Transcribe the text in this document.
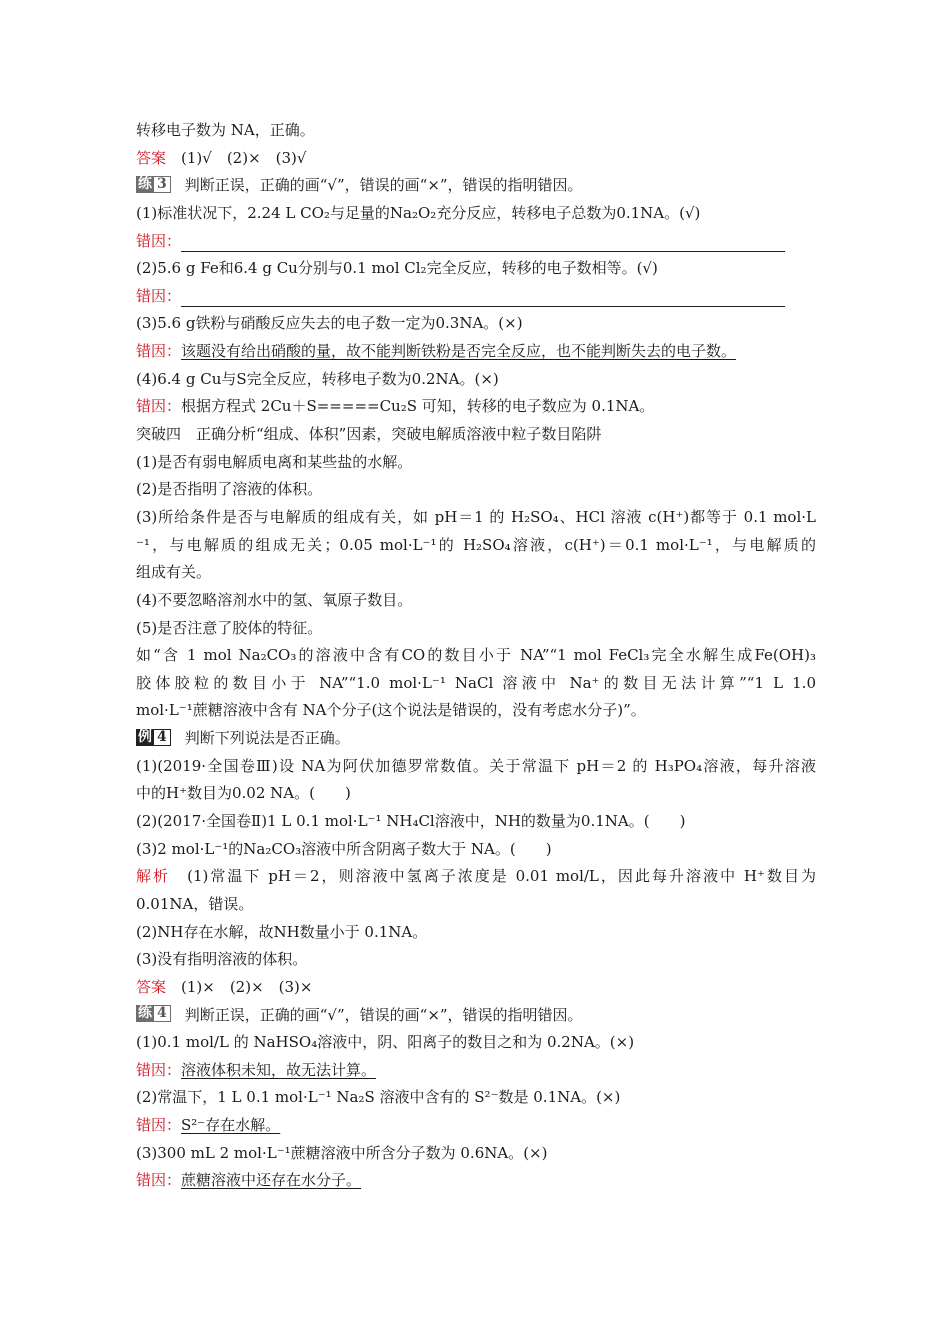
转移电子数为 NA，正确。
答案　(1)√　(2)×　(3)√
练 3 判断正误，正确的画“√”，错误的画“×”，错误的指明错因。
(1)标准状况下，2.24 L CO₂与足量的Na₂O₂充分反应，转移电子总数为0.1NA。(√)
错因：
(2)5.6 g Fe和6.4 g Cu分别与0.1 mol Cl₂完全反应，转移的电子数相等。(√)
错因：
(3)5.6 g铁粉与硝酸反应失去的电子数一定为0.3NA。(×)
错因：该题没有给出硝酸的量，故不能判断铁粉是否完全反应，也不能判断失去的电子数。
(4)6.4 g Cu与S完全反应，转移电子数为0.2NA。(×)
错因：根据方程式 2Cu＋S=====Cu₂S 可知，转移的电子数应为 0.1NA。
突破四　正确分析“组成、体积”因素，突破电解质溶液中粒子数目陷阱
(1)是否有弱电解质电离和某些盐的水解。
(2)是否指明了溶液的体积。
(3)所给条件是否与电解质的组成有关，如 pH＝1 的 H₂SO₄、HCl 溶液 c(H⁺)都等于 0.1 mol·L
⁻¹，与电解质的组成无关；0.05 mol·L⁻¹的 H₂SO₄溶液，c(H⁺)＝0.1 mol·L⁻¹，与电解质的
组成有关。
(4)不要忽略溶剂水中的氢、氧原子数目。
(5)是否注意了胶体的特征。
如“含 1 mol Na₂CO₃的溶液中含有CO的数目小于 NA”“1 mol FeCl₃完全水解生成Fe(OH)₃
胶体胶粒的数目小于 NA”“1.0 mol·L⁻¹ NaCl 溶液中 Na⁺的数目无法计算”“1 L 1.0
mol·L⁻¹蔗糖溶液中含有 NA个分子(这个说法是错误的，没有考虑水分子)”。
例 4 判断下列说法是否正确。
(1)(2019·全国卷Ⅲ)设 NA为阿伏加德罗常数值。关于常温下 pH＝2 的 H₃PO₄溶液，每升溶液
中的H⁺数目为0.02 NA。(　　)
(2)(2017·全国卷Ⅱ)1 L 0.1 mol·L⁻¹ NH₄Cl溶液中，NH的数量为0.1NA。(　　)
(3)2 mol·L⁻¹的Na₂CO₃溶液中所含阴离子数大于 NA。(　　)
解析　(1)常温下 pH＝2，则溶液中氢离子浓度是 0.01 mol/L，因此每升溶液中 H⁺数目为
0.01NA，错误。
(2)NH存在水解，故NH数量小于 0.1NA。
(3)没有指明溶液的体积。
答案　(1)×　(2)×　(3)×
练 4 判断正误，正确的画“√”，错误的画“×”，错误的指明错因。
(1)0.1 mol/L 的 NaHSO₄溶液中，阴、阳离子的数目之和为 0.2NA。(×)
错因：溶液体积未知，故无法计算。
(2)常温下，1 L 0.1 mol·L⁻¹ Na₂S 溶液中含有的 S²⁻数是 0.1NA。(×)
错因：S²⁻存在水解。
(3)300 mL 2 mol·L⁻¹蔗糖溶液中所含分子数为 0.6NA。(×)
错因：蔗糖溶液中还存在水分子。
